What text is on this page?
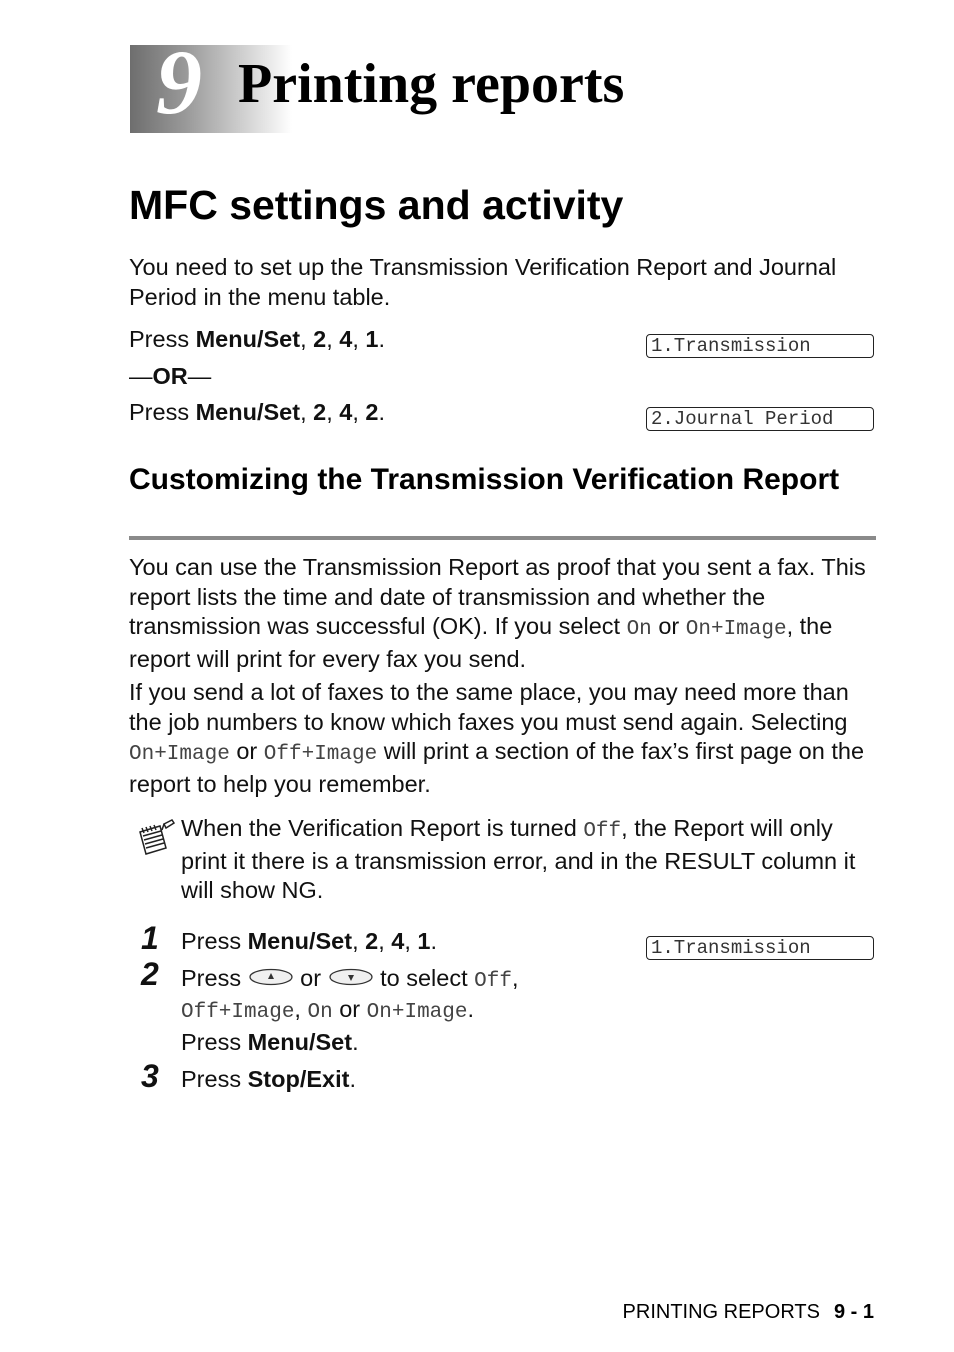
9 Printing reports
MFC settings and activity
You need to set up the Transmission Verification Report and Journal Period in the menu table.
Press Menu/Set, 2, 4, 1.	1.Transmission
—OR—
Press Menu/Set, 2, 4, 2.	2.Journal Period
Customizing the Transmission Verification Report
You can use the Transmission Report as proof that you sent a fax. This report lists the time and date of transmission and whether the transmission was successful (OK). If you select On or On+Image, the report will print for every fax you send.
If you send a lot of faxes to the same place, you may need more than the job numbers to know which faxes you must send again. Selecting On+Image or Off+Image will print a section of the fax’s first page on the report to help you remember.
When the Verification Report is turned Off, the Report will only print it there is a transmission error, and in the RESULT column it will show NG.
1 Press Menu/Set, 2, 4, 1.	1.Transmission
2 Press	or	to select Off,
Off+Image, On or On+Image.
Press Menu/Set.
3 Press Stop/Exit.
PRINTING REPORTS 9 - 1
